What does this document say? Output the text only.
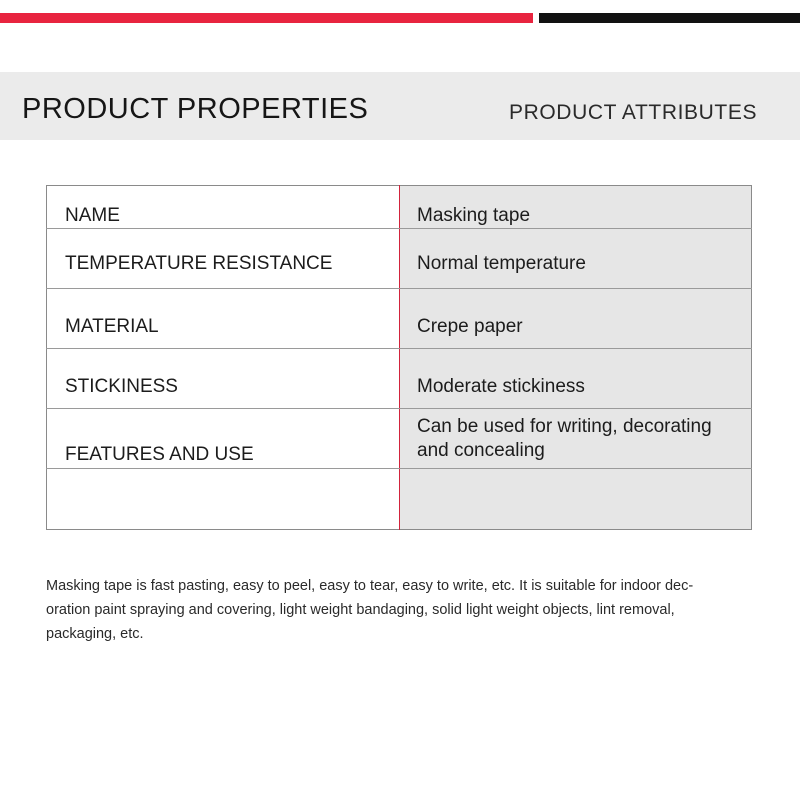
PRODUCT PROPERTIES	PRODUCT ATTRIBUTES
NAME	Masking tape
TEMPERATURE RESISTANCE	Normal temperature
MATERIAL	Crepe paper
STICKINESS	Moderate stickiness
FEATURES AND USE	Can be used for writing, decorating and concealing

Masking tape is fast pasting, easy to peel, easy to tear, easy to write, etc. It is suitable for indoor dec-
oration paint spraying and covering, light weight bandaging, solid light weight objects, lint removal,
packaging, etc.
